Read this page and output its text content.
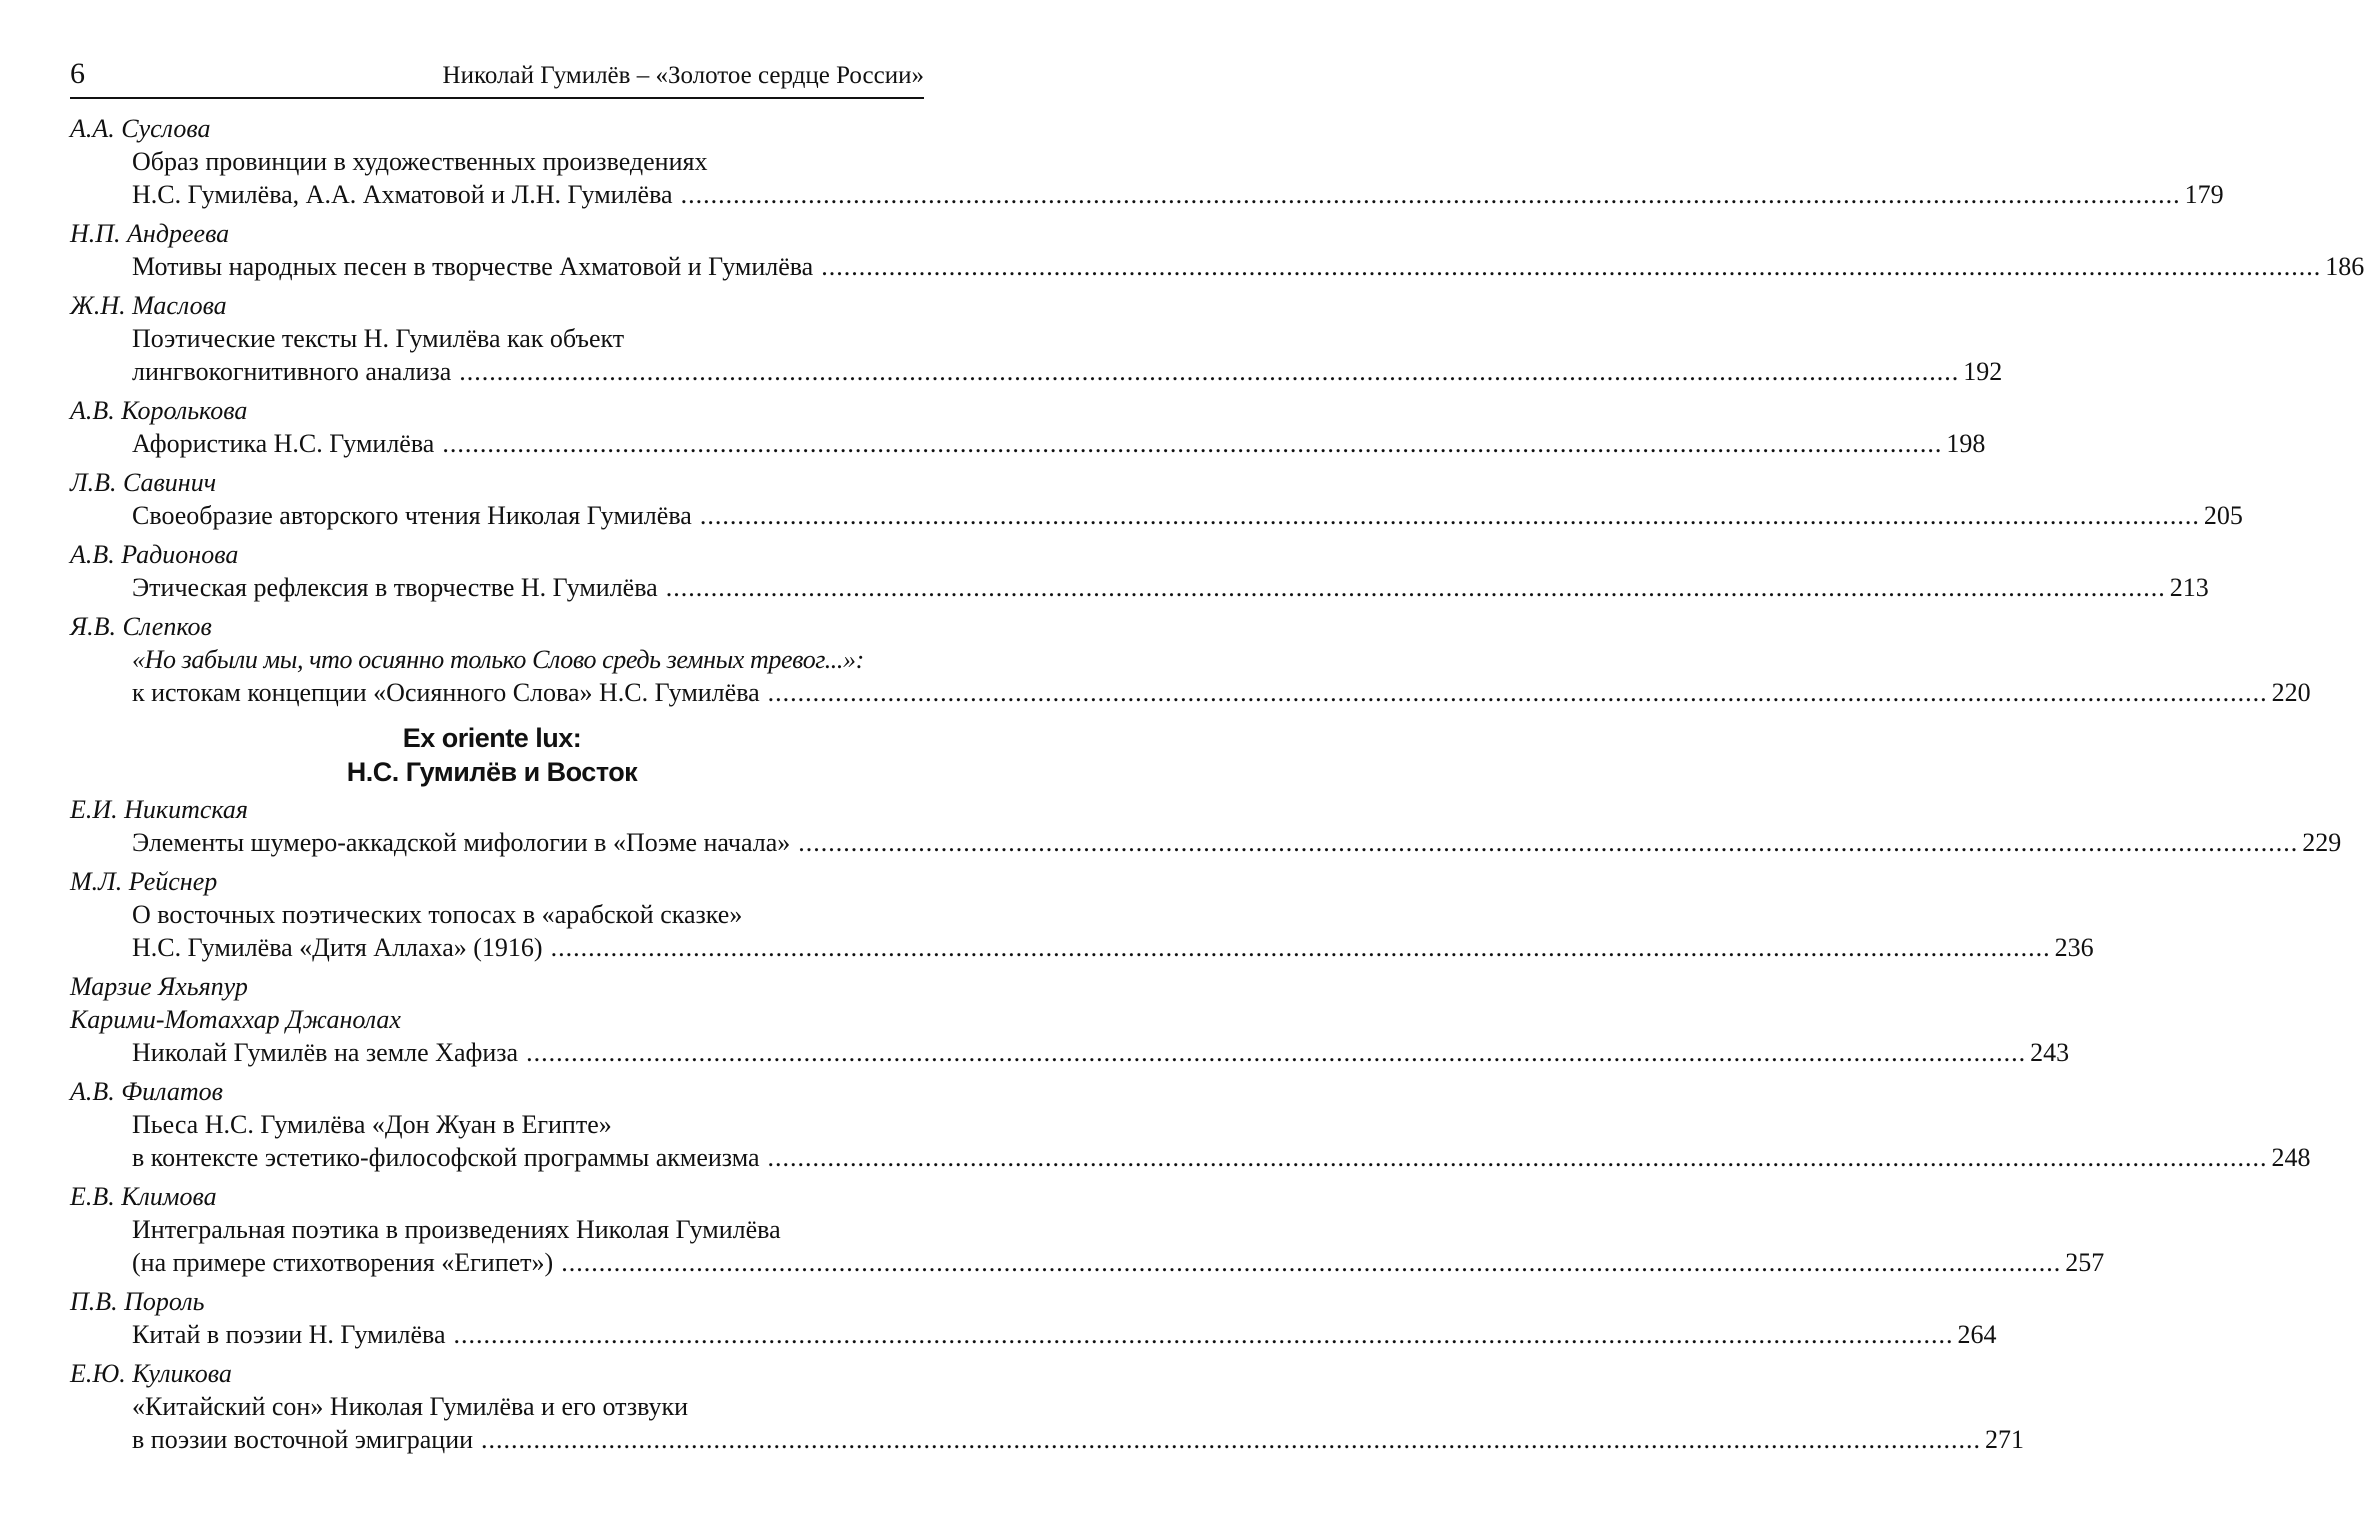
6	Николай Гумилёв – «Золотое сердце России»
А.А. Суслова
Образ провинции в художественных произведениях
Н.С. Гумилёва, А.А. Ахматовой и Л.Н. Гумилёва ........................................................................................................................................................................................................ 179
Н.П. Андреева
Мотивы народных песен в творчестве Ахматовой и Гумилёва ........................................................................................................................................................................................................ 186
Ж.Н. Маслова
Поэтические тексты Н. Гумилёва как объект
лингвокогнитивного анализа ........................................................................................................................................................................................................ 192
А.В. Королькова
Афористика Н.С. Гумилёва ........................................................................................................................................................................................................ 198
Л.В. Савинич
Своеобразие авторского чтения Николая Гумилёва ........................................................................................................................................................................................................ 205
А.В. Радионова
Этическая рефлексия в творчестве Н. Гумилёва ........................................................................................................................................................................................................ 213
Я.В. Слепков
«Но забыли мы, что осиянно только Слово средь земных тревог...»:
к истокам концепции «Осиянного Слова» Н.С. Гумилёва ........................................................................................................................................................................................................ 220
Ex oriente lux:
Н.С. Гумилёв и Восток
Е.И. Никитская
Элементы шумеро-аккадской мифологии в «Поэме начала» ........................................................................................................................................................................................................ 229
М.Л. Рейснер
О восточных поэтических топосах в «арабской сказке»
Н.С. Гумилёва «Дитя Аллаха» (1916) ........................................................................................................................................................................................................ 236
Марзие Яхьяпур
Карими-Мотаххар Джанолах
Николай Гумилёв на земле Хафиза ........................................................................................................................................................................................................ 243
А.В. Филатов
Пьеса Н.С. Гумилёва «Дон Жуан в Египте»
в контексте эстетико-философской программы акмеизма ........................................................................................................................................................................................................ 248
Е.В. Климова
Интегральная поэтика в произведениях Николая Гумилёва
(на примере стихотворения «Египет») ........................................................................................................................................................................................................ 257
П.В. Пороль
Китай в поэзии Н. Гумилёва ........................................................................................................................................................................................................ 264
Е.Ю. Куликова
«Китайский сон» Николая Гумилёва и его отзвуки
в поэзии восточной эмиграции ........................................................................................................................................................................................................ 271
